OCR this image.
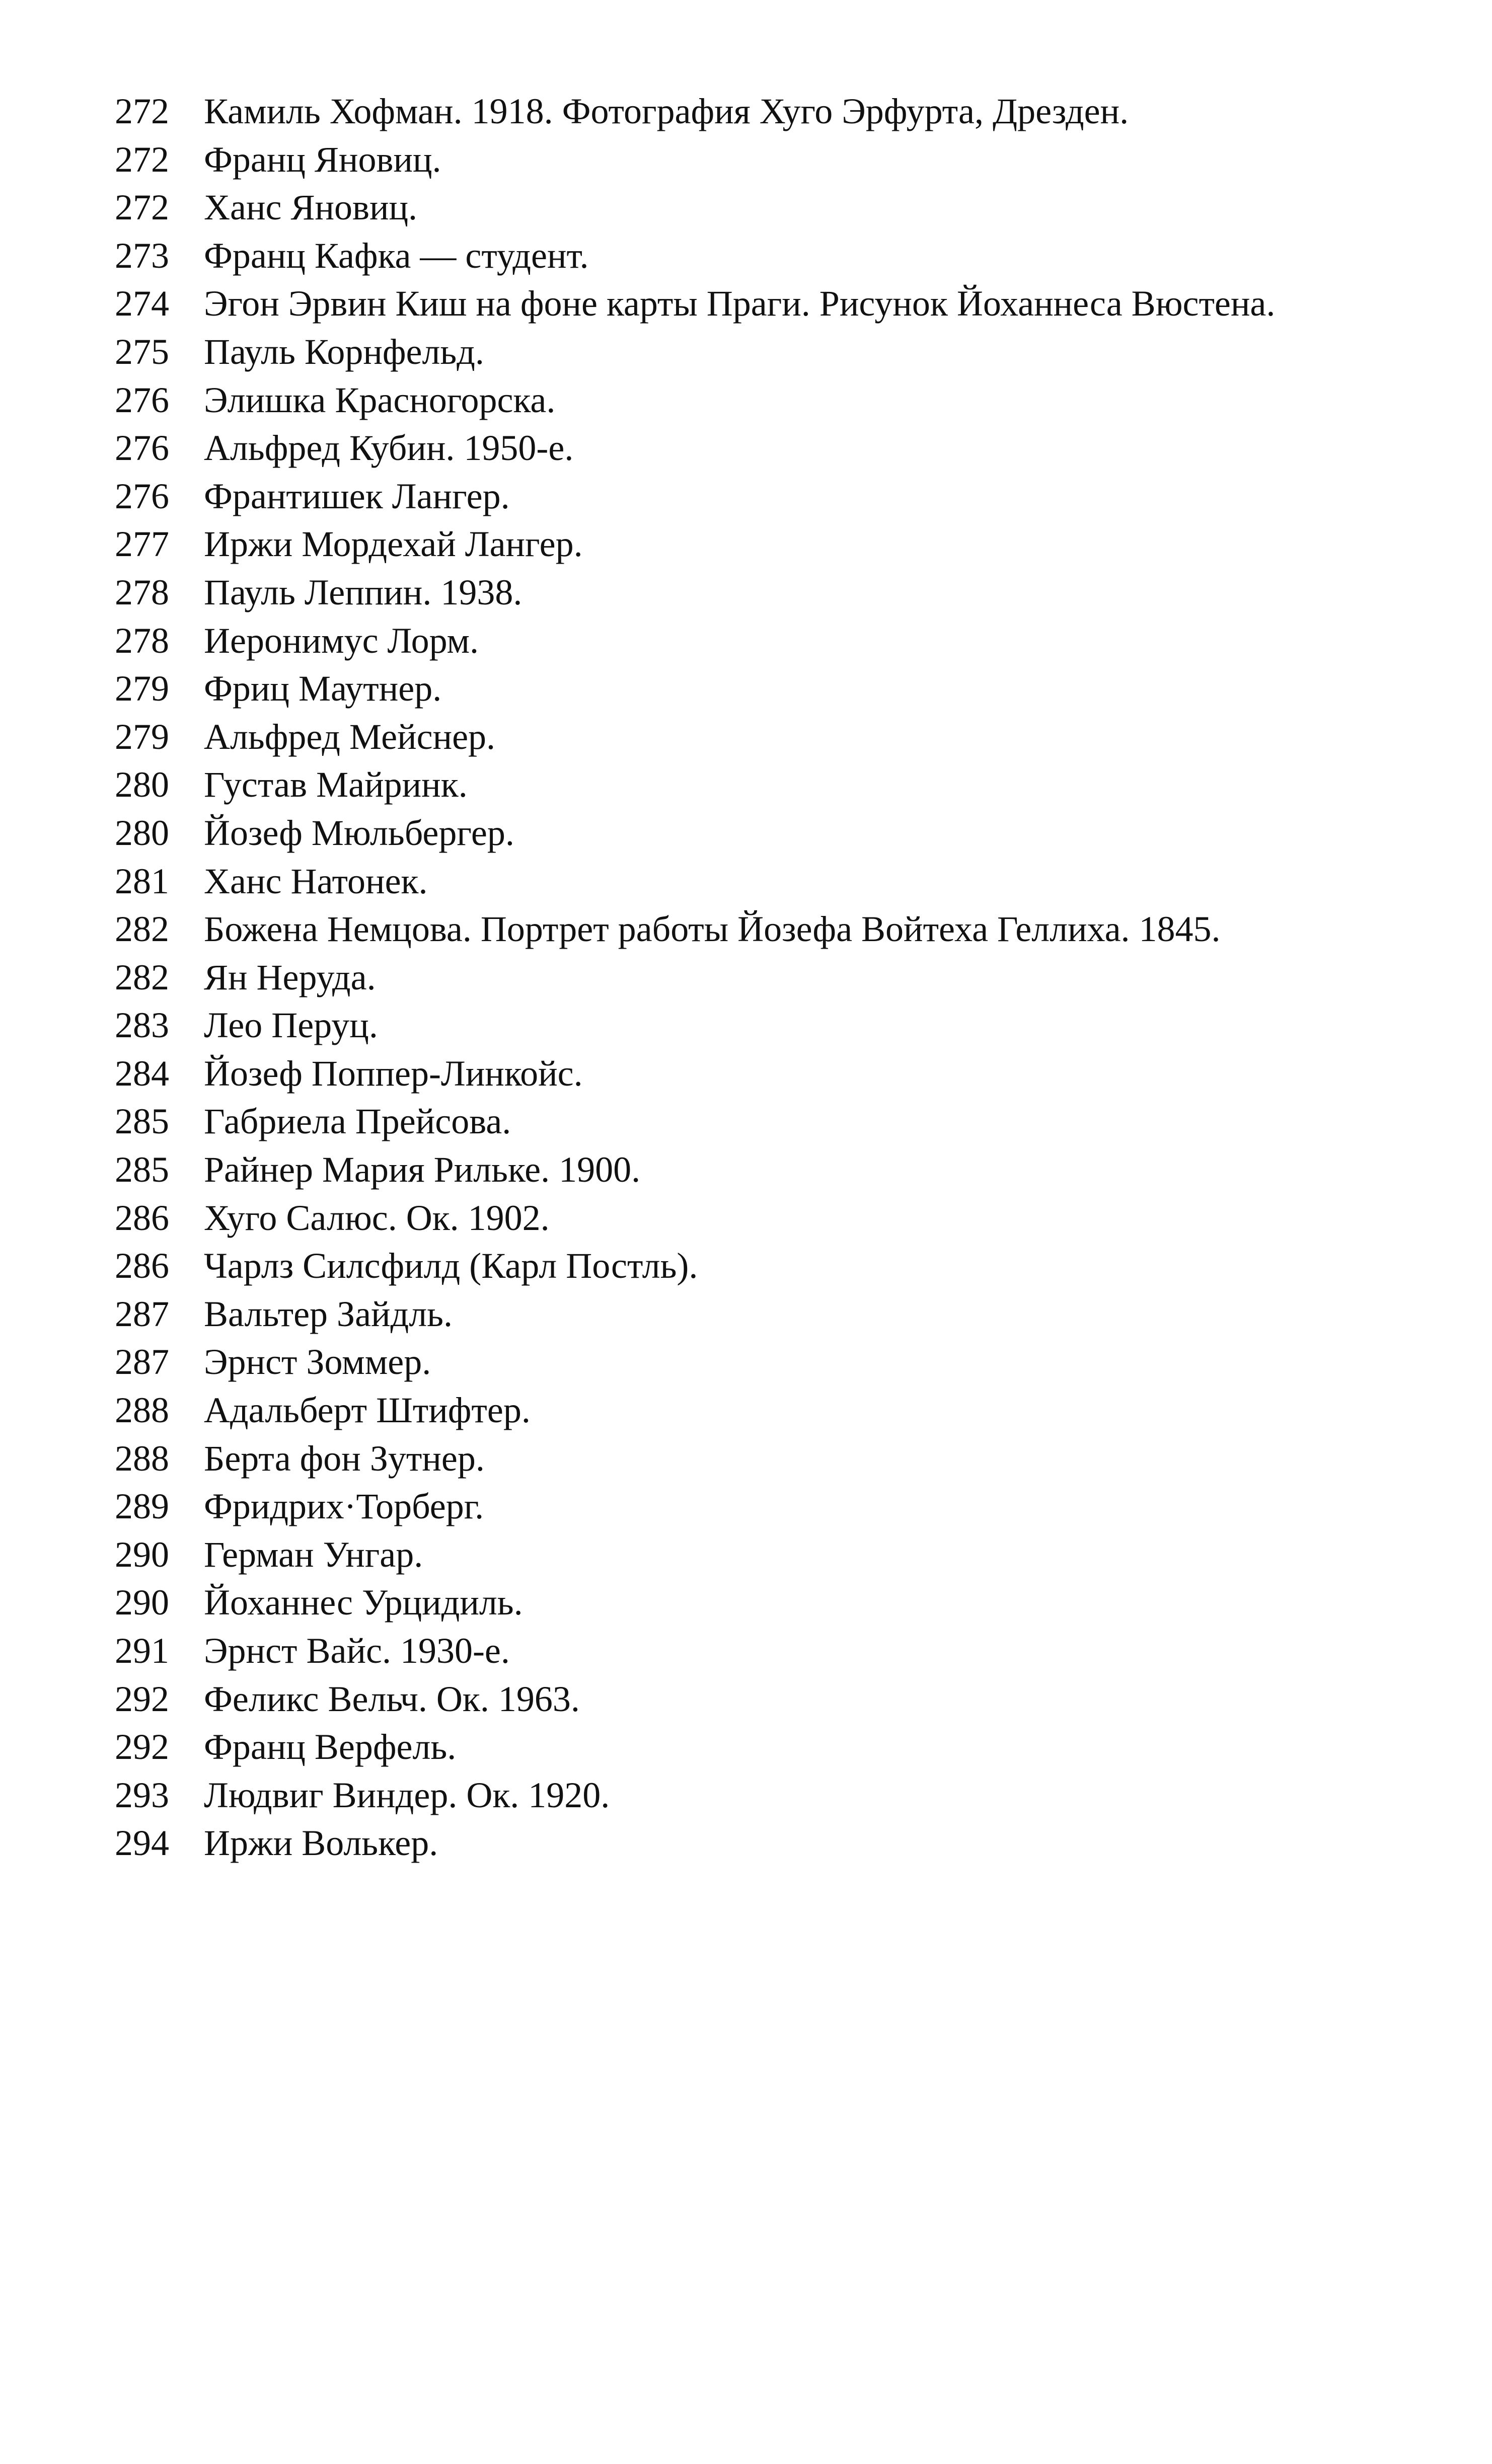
272 Камиль Хофман. 1918. Фотография Хуго Эрфурта, Дрезден.
272 Франц Яновиц.
272 Ханс Яновиц.
273 Франц Кафка — студент.
274 Эгон Эрвин Киш на фоне карты Праги. Рисунок Йоханнеса Вюстена.
275 Пауль Корнфельд.
276 Элишка Красногорска.
276 Альфред Кубин. 1950-е.
276 Франтишек Лангер.
277 Иржи Мордехай Лангер.
278 Пауль Леппин. 1938.
278 Иеронимус Лорм.
279 Фриц Маутнер.
279 Альфред Мейснер.
280 Густав Майринк.
280 Йозеф Мюльбергер.
281 Ханс Натонек.
282 Божена Немцова. Портрет работы Йозефа Войтеха Геллиха. 1845.
282 Ян Неруда.
283 Лео Перуц.
284 Йозеф Поппер-Линкойс.
285 Габриела Прейсова.
285 Райнер Мария Рильке. 1900.
286 Хуго Салюс. Ок. 1902.
286 Чарлз Силсфилд (Карл Постль).
287 Вальтер Зайдль.
287 Эрнст Зоммер.
288 Адальберт Штифтер.
288 Берта фон Зутнер.
289 Фридрих·Торберг.
290 Герман Унгар.
290 Йоханнес Урцидиль.
291 Эрнст Вайс. 1930-е.
292 Феликс Вельч. Ок. 1963.
292 Франц Верфель.
293 Людвиг Виндер. Ок. 1920.
294 Иржи Волькер.
